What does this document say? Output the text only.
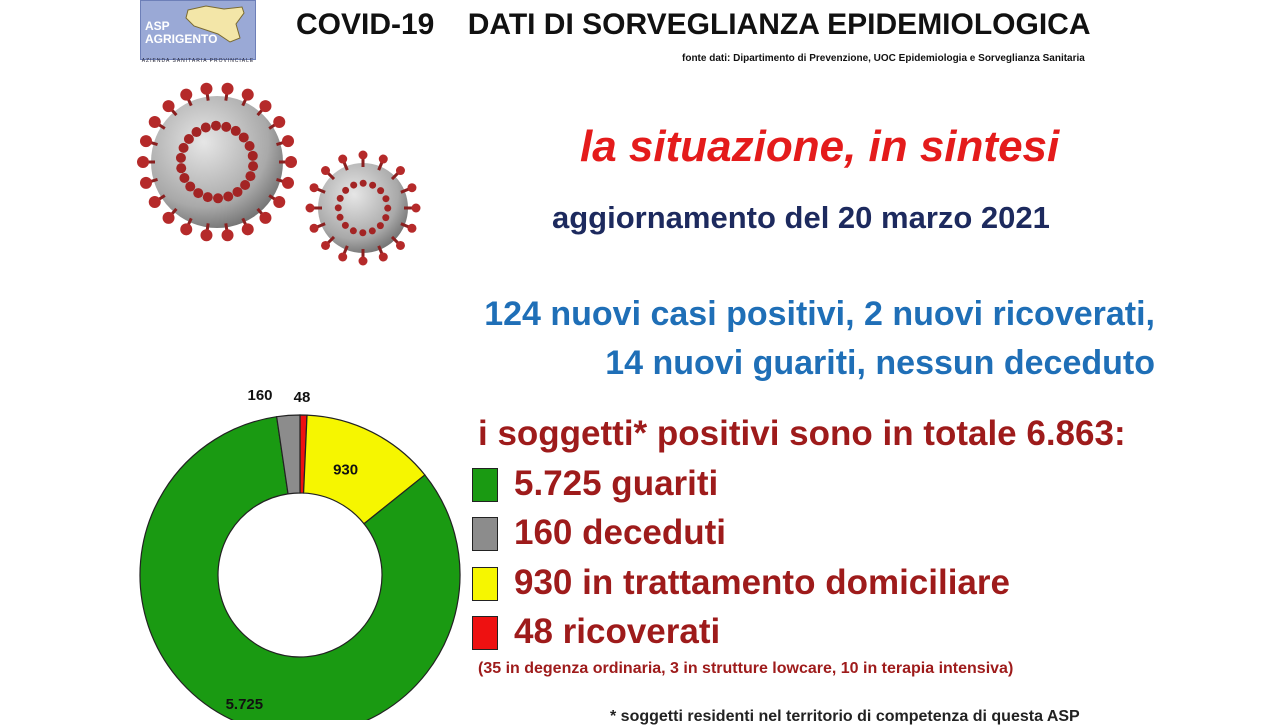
ASP
AGRIGENTO
AZIENDA SANITARIA PROVINCIALE
COVID-19    DATI DI SORVEGLIANZA EPIDEMIOLOGICA
fonte dati: Dipartimento di Prevenzione, UOC Epidemiologia e Sorveglianza Sanitaria
la situazione, in sintesi
aggiornamento del 20 marzo 2021
124 nuovi casi positivi, 2 nuovi ricoverati,
14 nuovi guariti, nessun deceduto
i soggetti* positivi sono in totale 6.863:
5.725 guariti
160 deceduti
930 in trattamento domiciliare
48 ricoverati
(35 in degenza ordinaria, 3 in strutture lowcare, 10 in terapia intensiva)
* soggetti residenti nel territorio di competenza di questa ASP
5.725
160
930
48
